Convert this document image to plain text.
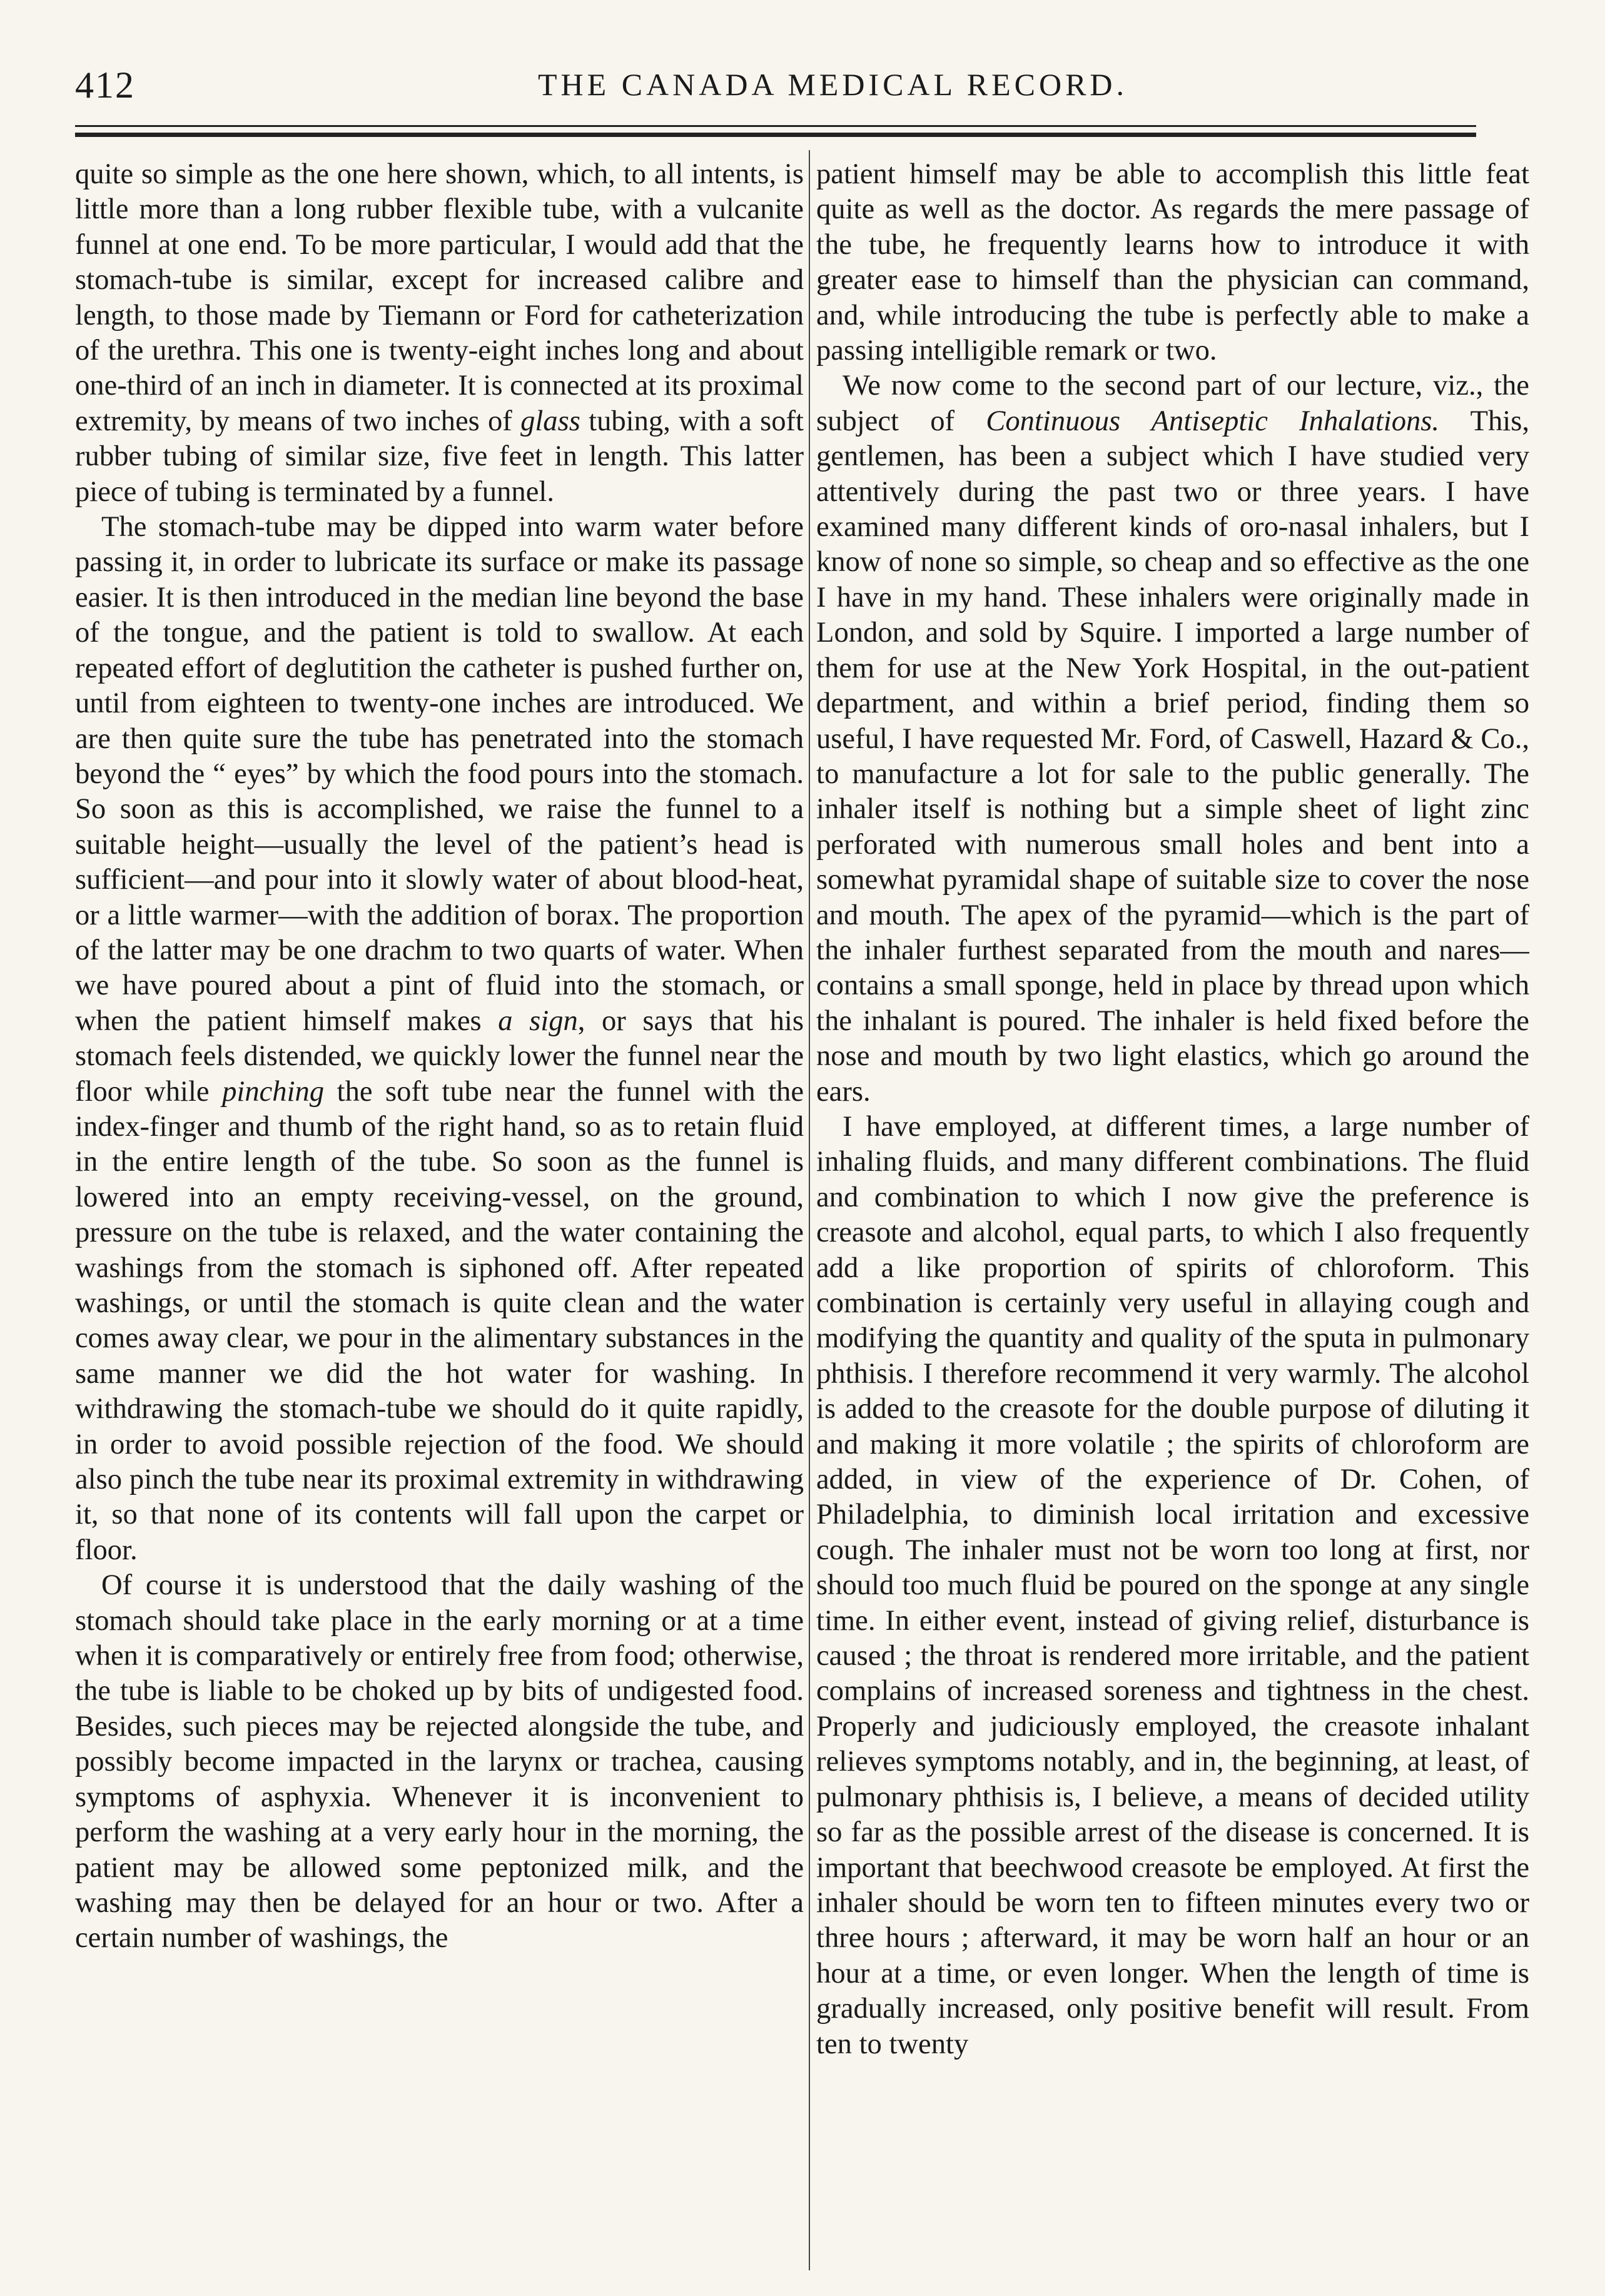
412	THE CANADA MEDICAL RECORD.

quite so simple as the one here shown, which, to all intents, is little more than a long rubber flexible tube, with a vulcanite funnel at one end. To be more particular, I would add that the stomach-tube is similar, except for increased calibre and length, to those made by Tiemann or Ford for catheterization of the urethra. This one is twenty-eight inches long and about one-third of an inch in diameter. It is connected at its proximal extremity, by means of two inches of glass tubing, with a soft rubber tubing of similar size, five feet in length. This latter piece of tubing is terminated by a funnel.

The stomach-tube may be dipped into warm water before passing it, in order to lubricate its surface or make its passage easier. It is then introduced in the median line beyond the base of the tongue, and the patient is told to swallow. At each repeated effort of deglutition the catheter is pushed further on, until from eighteen to twenty-one inches are introduced. We are then quite sure the tube has penetrated into the stomach beyond the “ eyes” by which the food pours into the stomach. So soon as this is accomplished, we raise the funnel to a suitable height—usually the level of the patient’s head is sufficient—and pour into it slowly water of about blood-heat, or a little warmer—with the addition of borax. The proportion of the latter may be one drachm to two quarts of water. When we have poured about a pint of fluid into the stomach, or when the patient himself makes a sign, or says that his stomach feels distended, we quickly lower the funnel near the floor while pinching the soft tube near the funnel with the index-finger and thumb of the right hand, so as to retain fluid in the entire length of the tube. So soon as the funnel is lowered into an empty receiving-vessel, on the ground, pressure on the tube is relaxed, and the water containing the washings from the stomach is siphoned off. After repeated washings, or until the stomach is quite clean and the water comes away clear, we pour in the alimentary substances in the same manner we did the hot water for washing. In withdrawing the stomach-tube we should do it quite rapidly, in order to avoid possible rejection of the food. We should also pinch the tube near its proximal extremity in withdrawing it, so that none of its contents will fall upon the carpet or floor.

Of course it is understood that the daily washing of the stomach should take place in the early morning or at a time when it is comparatively or entirely free from food; otherwise, the tube is liable to be choked up by bits of undigested food. Besides, such pieces may be rejected alongside the tube, and possibly become impacted in the larynx or trachea, causing symptoms of asphyxia. Whenever it is inconvenient to perform the washing at a very early hour in the morning, the patient may be allowed some peptonized milk, and the washing may then be delayed for an hour or two. After a certain number of washings, the

patient himself may be able to accomplish this little feat quite as well as the doctor. As regards the mere passage of the tube, he frequently learns how to introduce it with greater ease to himself than the physician can command, and, while introducing the tube is perfectly able to make a passing intelligible remark or two.

We now come to the second part of our lecture, viz., the subject of Continuous Antiseptic Inhalations. This, gentlemen, has been a subject which I have studied very attentively during the past two or three years. I have examined many different kinds of oro-nasal inhalers, but I know of none so simple, so cheap and so effective as the one I have in my hand. These inhalers were originally made in London, and sold by Squire. I imported a large number of them for use at the New York Hospital, in the out-patient department, and within a brief period, finding them so useful, I have requested Mr. Ford, of Caswell, Hazard & Co., to manufacture a lot for sale to the public generally. The inhaler itself is nothing but a simple sheet of light zinc perforated with numerous small holes and bent into a somewhat pyramidal shape of suitable size to cover the nose and mouth. The apex of the pyramid—which is the part of the inhaler furthest separated from the mouth and nares—contains a small sponge, held in place by thread upon which the inhalant is poured. The inhaler is held fixed before the nose and mouth by two light elastics, which go around the ears.

I have employed, at different times, a large number of inhaling fluids, and many different combinations. The fluid and combination to which I now give the preference is creasote and alcohol, equal parts, to which I also frequently add a like proportion of spirits of chloroform. This combination is certainly very useful in allaying cough and modifying the quantity and quality of the sputa in pulmonary phthisis. I therefore recommend it very warmly. The alcohol is added to the creasote for the double purpose of diluting it and making it more volatile ; the spirits of chloroform are added, in view of the experience of Dr. Cohen, of Philadelphia, to diminish local irritation and excessive cough. The inhaler must not be worn too long at first, nor should too much fluid be poured on the sponge at any single time. In either event, instead of giving relief, disturbance is caused ; the throat is rendered more irritable, and the patient complains of increased soreness and tightness in the chest. Properly and judiciously employed, the creasote inhalant relieves symptoms notably, and in, the beginning, at least, of pulmonary phthisis is, I believe, a means of decided utility so far as the possible arrest of the disease is concerned. It is important that beechwood creasote be employed. At first the inhaler should be worn ten to fifteen minutes every two or three hours ; afterward, it may be worn half an hour or an hour at a time, or even longer. When the length of time is gradually increased, only positive benefit will result. From ten to twenty
